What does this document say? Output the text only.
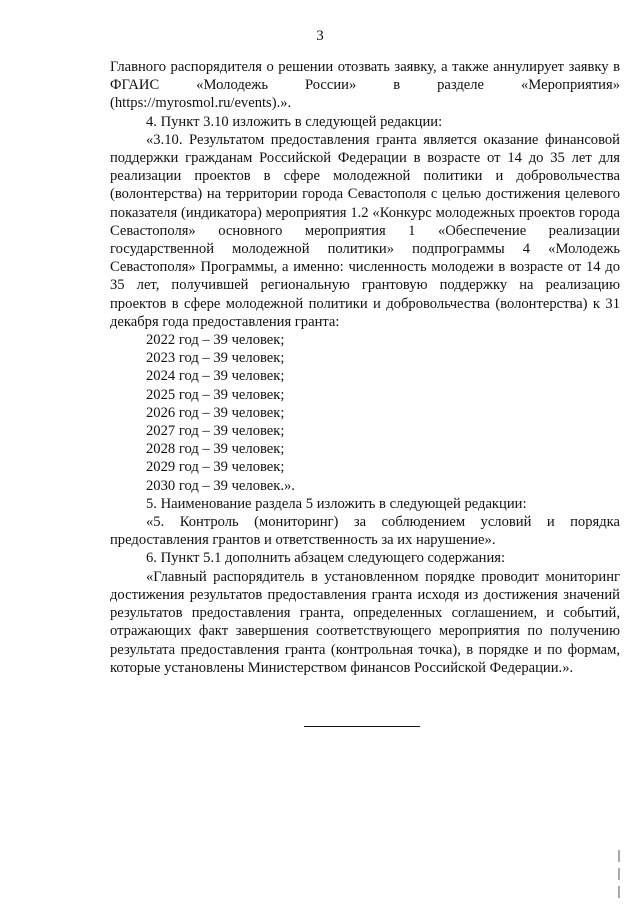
3

Главного распорядителя о решении отозвать заявку, а также аннулирует заявку в ФГАИС «Молодежь России» в разделе «Мероприятия» (https://myrosmol.ru/events).».

4. Пункт 3.10 изложить в следующей редакции:

«3.10. Результатом предоставления гранта является оказание финансовой поддержки гражданам Российской Федерации в возрасте от 14 до 35 лет для реализации проектов в сфере молодежной политики и добровольчества (волонтерства) на территории города Севастополя с целью достижения целевого показателя (индикатора) мероприятия 1.2 «Конкурс молодежных проектов города Севастополя» основного мероприятия 1 «Обеспечение реализации государственной молодежной политики» подпрограммы 4 «Молодежь Севастополя» Программы, а именно: численность молодежи в возрасте от 14 до 35 лет, получившей региональную грантовую поддержку на реализацию проектов в сфере молодежной политики и добровольчества (волонтерства) к 31 декабря года предоставления гранта:

2022 год – 39 человек;
2023 год – 39 человек;
2024 год – 39 человек;
2025 год – 39 человек;
2026 год – 39 человек;
2027 год – 39 человек;
2028 год – 39 человек;
2029 год – 39 человек;
2030 год – 39 человек.».

5. Наименование раздела 5 изложить в следующей редакции:

«5. Контроль (мониторинг) за соблюдением условий и порядка предоставления грантов и ответственность за их нарушение».

6. Пункт 5.1 дополнить абзацем следующего содержания:

«Главный распорядитель в установленном порядке проводит мониторинг достижения результатов предоставления гранта исходя из достижения значений результатов предоставления гранта, определенных соглашением, и событий, отражающих факт завершения соответствующего мероприятия по получению результата предоставления гранта (контрольная точка), в порядке и по формам, которые установлены Министерством финансов Российской Федерации.».
